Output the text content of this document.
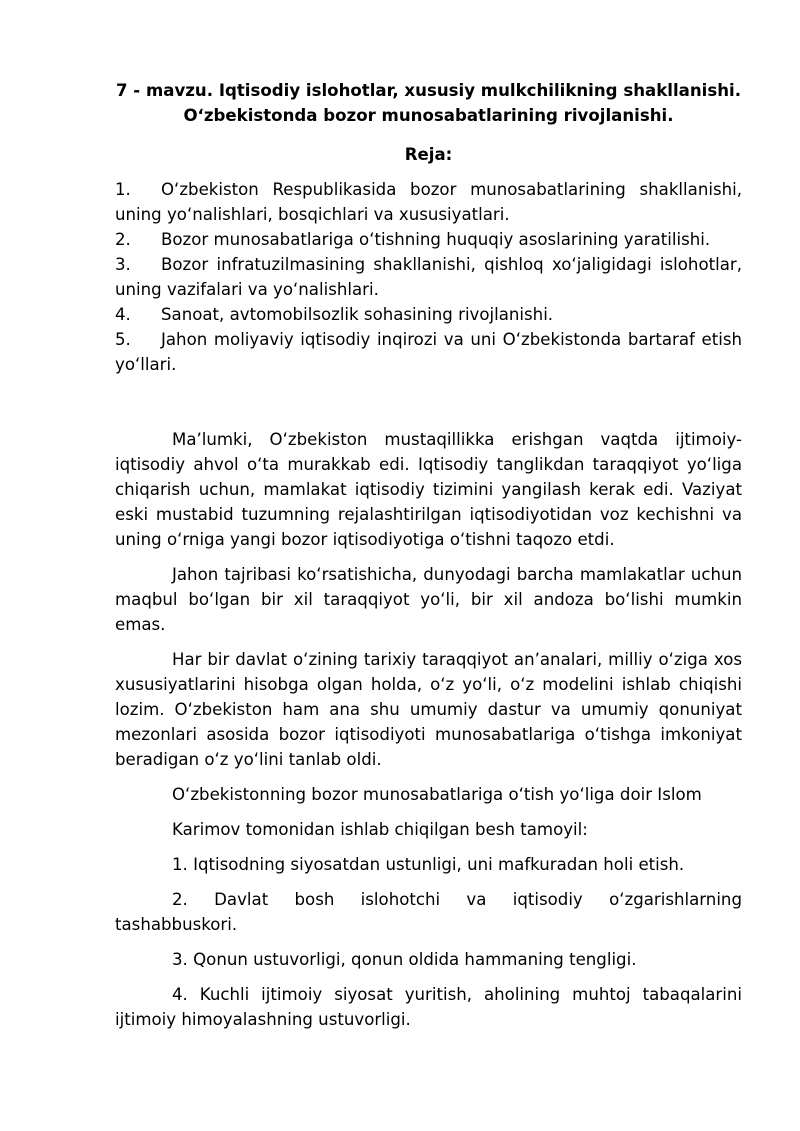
7 - mavzu. Iqtisodiy islohotlar, xususiy mulkchilikning shakllanishi.
Oʻzbekistonda bozor munosabatlarining rivojlanishi.

Reja:

1. Oʻzbekiston Respublikasida bozor munosabatlarining shakllanishi, uning yoʻnalishlari, bosqichlari va xususiyatlari.
2. Bozor munosabatlariga oʻtishning huquqiy asoslarining yaratilishi.
3. Bozor infratuzilmasining shakllanishi, qishloq xoʻjaligidagi islohotlar, uning vazifalari va yoʻnalishlari.
4. Sanoat, avtomobilsozlik sohasining rivojlanishi.
5. Jahon moliyaviy iqtisodiy inqirozi va uni Oʻzbekistonda bartaraf etish yoʻllari.

Maʼlumki, Oʻzbekiston mustaqillikka erishgan vaqtda ijtimoiy-iqtisodiy ahvol oʻta murakkab edi. Iqtisodiy tanglikdan taraqqiyot yoʻliga chiqarish uchun, mamlakat iqtisodiy tizimini yangilash kerak edi. Vaziyat eski mustabid tuzumning rejalashtirilgan iqtisodiyotidan voz kechishni va uning oʻrniga yangi bozor iqtisodiyotiga oʻtishni taqozo etdi.

Jahon tajribasi koʻrsatishicha, dunyodagi barcha mamlakatlar uchun maqbul boʻlgan bir xil taraqqiyot yoʻli, bir xil andoza boʻlishi mumkin emas.

Har bir davlat oʻzining tarixiy taraqqiyot anʼanalari, milliy oʻziga xos xususiyatlarini hisobga olgan holda, oʻz yoʻli, oʻz modelini ishlab chiqishi lozim. Oʻzbekiston ham ana shu umumiy dastur va umumiy qonuniyat mezonlari asosida bozor iqtisodiyoti munosabatlariga oʻtishga imkoniyat beradigan oʻz yoʻlini tanlab oldi.

Oʻzbekistonning bozor munosabatlariga oʻtish yoʻliga doir Islom

Karimov tomonidan ishlab chiqilgan besh tamoyil:

1. Iqtisodning siyosatdan ustunligi, uni mafkuradan holi etish.

2. Davlat bosh islohotchi va iqtisodiy oʻzgarishlarning tashabbuskori.

3. Qonun ustuvorligi, qonun oldida hammaning tengligi.

4. Kuchli ijtimoiy siyosat yuritish, aholining muhtoj tabaqalarini ijtimoiy himoyalashning ustuvorligi.
